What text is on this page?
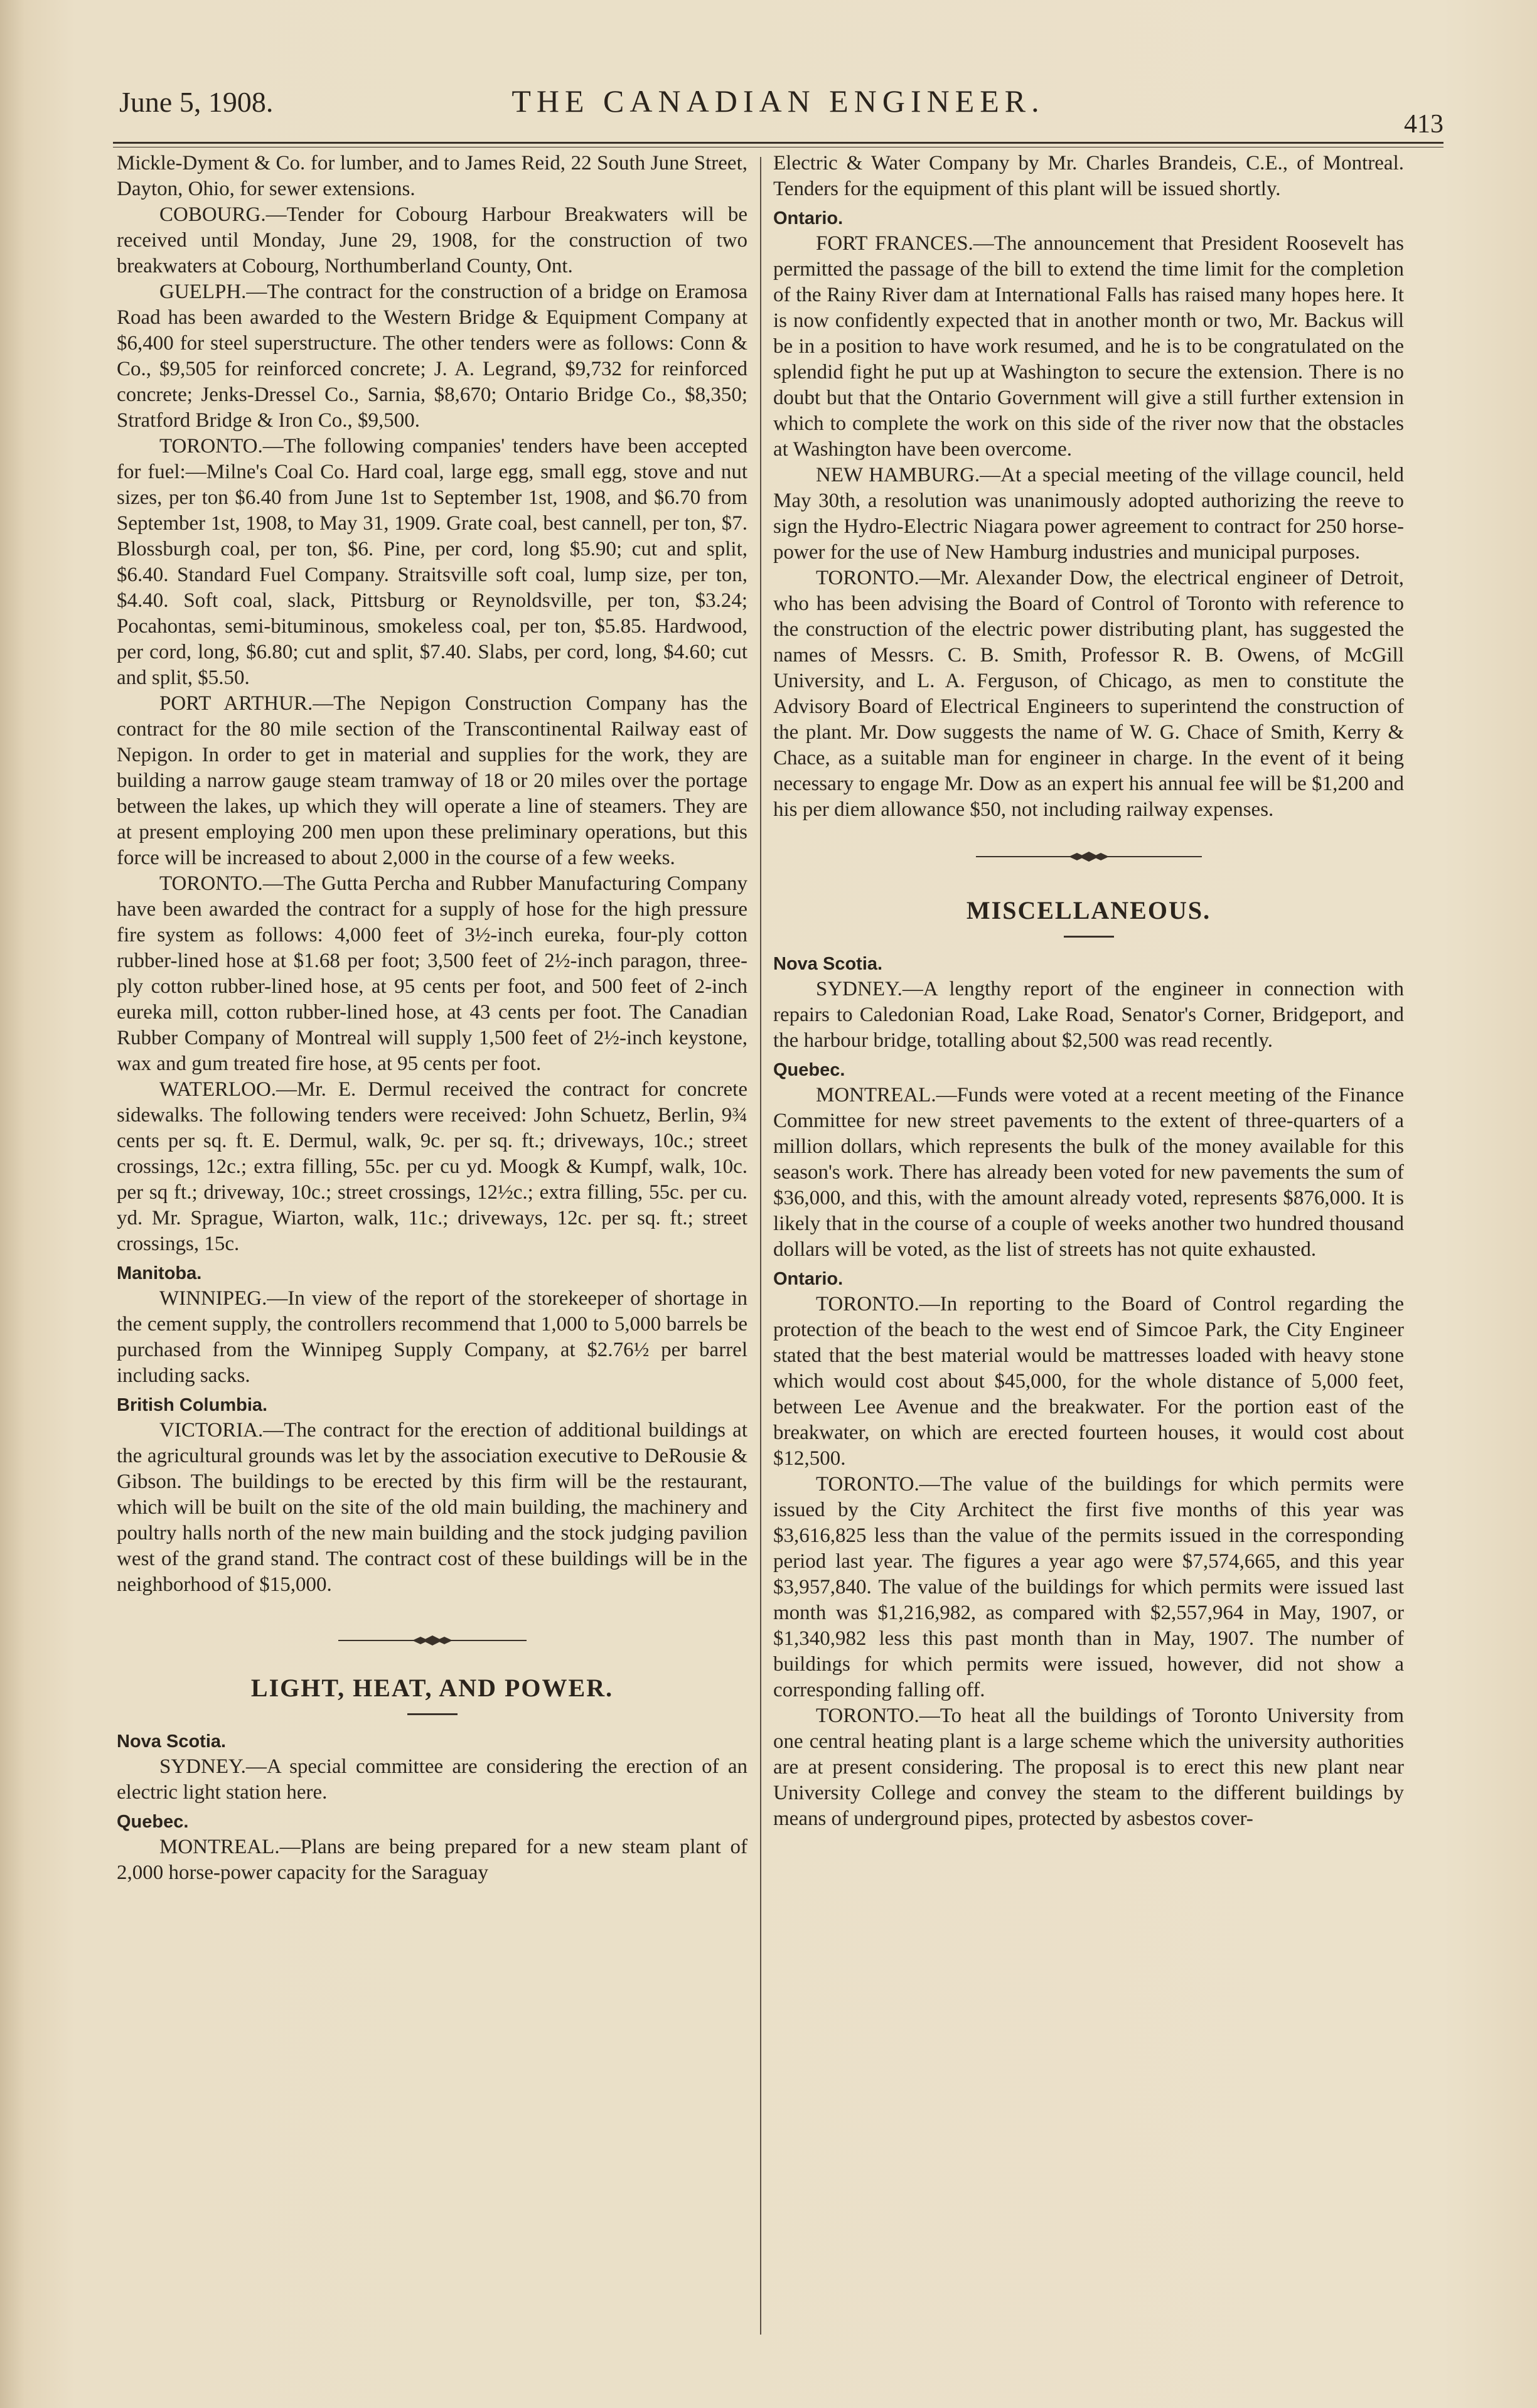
June 5, 1908.	THE CANADIAN ENGINEER.
413

Mickle-Dyment & Co. for lumber, and to James Reid, 22 South June Street, Dayton, Ohio, for sewer extensions.

COBOURG.—Tender for Cobourg Harbour Breakwaters will be received until Monday, June 29, 1908, for the construction of two breakwaters at Cobourg, Northumberland County, Ont.

GUELPH.—The contract for the construction of a bridge on Eramosa Road has been awarded to the Western Bridge & Equipment Company at $6,400 for steel superstructure. The other tenders were as follows: Conn & Co., $9,505 for reinforced concrete; J. A. Legrand, $9,732 for reinforced concrete; Jenks-Dressel Co., Sarnia, $8,670; Ontario Bridge Co., $8,350; Stratford Bridge & Iron Co., $9,500.

TORONTO.—The following companies' tenders have been accepted for fuel:—Milne's Coal Co. Hard coal, large egg, small egg, stove and nut sizes, per ton $6.40 from June 1st to September 1st, 1908, and $6.70 from September 1st, 1908, to May 31, 1909. Grate coal, best cannell, per ton, $7. Blossburgh coal, per ton, $6. Pine, per cord, long $5.90; cut and split, $6.40. Standard Fuel Company. Straitsville soft coal, lump size, per ton, $4.40. Soft coal, slack, Pittsburg or Reynoldsville, per ton, $3.24; Pocahontas, semi-bituminous, smokeless coal, per ton, $5.85. Hardwood, per cord, long, $6.80; cut and split, $7.40. Slabs, per cord, long, $4.60; cut and split, $5.50.

PORT ARTHUR.—The Nepigon Construction Company has the contract for the 80 mile section of the Transcontinental Railway east of Nepigon. In order to get in material and supplies for the work, they are building a narrow gauge steam tramway of 18 or 20 miles over the portage between the lakes, up which they will operate a line of steamers. They are at present employing 200 men upon these preliminary operations, but this force will be increased to about 2,000 in the course of a few weeks.

TORONTO.—The Gutta Percha and Rubber Manufacturing Company have been awarded the contract for a supply of hose for the high pressure fire system as follows: 4,000 feet of 3½-inch eureka, four-ply cotton rubber-lined hose at $1.68 per foot; 3,500 feet of 2½-inch paragon, three-ply cotton rubber-lined hose, at 95 cents per foot, and 500 feet of 2-inch eureka mill, cotton rubber-lined hose, at 43 cents per foot. The Canadian Rubber Company of Montreal will supply 1,500 feet of 2½-inch keystone, wax and gum treated fire hose, at 95 cents per foot.

WATERLOO.—Mr. E. Dermul received the contract for concrete sidewalks. The following tenders were received: John Schuetz, Berlin, 9¾ cents per sq. ft. E. Dermul, walk, 9c. per sq. ft.; driveways, 10c.; street crossings, 12c.; extra filling, 55c. per cu yd. Moogk & Kumpf, walk, 10c. per sq ft.; driveway, 10c.; street crossings, 12½c.; extra filling, 55c. per cu. yd. Mr. Sprague, Wiarton, walk, 11c.; driveways, 12c. per sq. ft.; street crossings, 15c.

Manitoba.

WINNIPEG.—In view of the report of the storekeeper of shortage in the cement supply, the controllers recommend that 1,000 to 5,000 barrels be purchased from the Winnipeg Supply Company, at $2.76½ per barrel including sacks.

British Columbia.

VICTORIA.—The contract for the erection of additional buildings at the agricultural grounds was let by the association executive to DeRousie & Gibson. The buildings to be erected by this firm will be the restaurant, which will be built on the site of the old main building, the machinery and poultry halls north of the new main building and the stock judging pavilion west of the grand stand. The contract cost of these buildings will be in the neighborhood of $15,000.

LIGHT, HEAT, AND POWER.
Nova Scotia.

SYDNEY.—A special committee are considering the erection of an electric light station here.

Quebec.

MONTREAL.—Plans are being prepared for a new steam plant of 2,000 horse-power capacity for the Saraguay

Electric & Water Company by Mr. Charles Brandeis, C.E., of Montreal. Tenders for the equipment of this plant will be issued shortly.

Ontario.

FORT FRANCES.—The announcement that President Roosevelt has permitted the passage of the bill to extend the time limit for the completion of the Rainy River dam at International Falls has raised many hopes here. It is now confidently expected that in another month or two, Mr. Backus will be in a position to have work resumed, and he is to be congratulated on the splendid fight he put up at Washington to secure the extension. There is no doubt but that the Ontario Government will give a still further extension in which to complete the work on this side of the river now that the obstacles at Washington have been overcome.

NEW HAMBURG.—At a special meeting of the village council, held May 30th, a resolution was unanimously adopted authorizing the reeve to sign the Hydro-Electric Niagara power agreement to contract for 250 horse-power for the use of New Hamburg industries and municipal purposes.

TORONTO.—Mr. Alexander Dow, the electrical engineer of Detroit, who has been advising the Board of Control of Toronto with reference to the construction of the electric power distributing plant, has suggested the names of Messrs. C. B. Smith, Professor R. B. Owens, of McGill University, and L. A. Ferguson, of Chicago, as men to constitute the Advisory Board of Electrical Engineers to superintend the construction of the plant. Mr. Dow suggests the name of W. G. Chace of Smith, Kerry & Chace, as a suitable man for engineer in charge. In the event of it being necessary to engage Mr. Dow as an expert his annual fee will be $1,200 and his per diem allowance $50, not including railway expenses.

MISCELLANEOUS.
Nova Scotia.

SYDNEY.—A lengthy report of the engineer in connection with repairs to Caledonian Road, Lake Road, Senator's Corner, Bridgeport, and the harbour bridge, totalling about $2,500 was read recently.

Quebec.

MONTREAL.—Funds were voted at a recent meeting of the Finance Committee for new street pavements to the extent of three-quarters of a million dollars, which represents the bulk of the money available for this season's work. There has already been voted for new pavements the sum of $36,000, and this, with the amount already voted, represents $876,000. It is likely that in the course of a couple of weeks another two hundred thousand dollars will be voted, as the list of streets has not quite exhausted.

Ontario.

TORONTO.—In reporting to the Board of Control regarding the protection of the beach to the west end of Simcoe Park, the City Engineer stated that the best material would be mattresses loaded with heavy stone which would cost about $45,000, for the whole distance of 5,000 feet, between Lee Avenue and the breakwater. For the portion east of the breakwater, on which are erected fourteen houses, it would cost about $12,500.

TORONTO.—The value of the buildings for which permits were issued by the City Architect the first five months of this year was $3,616,825 less than the value of the permits issued in the corresponding period last year. The figures a year ago were $7,574,665, and this year $3,957,840. The value of the buildings for which permits were issued last month was $1,216,982, as compared with $2,557,964 in May, 1907, or $1,340,982 less this past month than in May, 1907. The number of buildings for which permits were issued, however, did not show a corresponding falling off.

TORONTO.—To heat all the buildings of Toronto University from one central heating plant is a large scheme which the university authorities are at present considering. The proposal is to erect this new plant near University College and convey the steam to the different buildings by means of underground pipes, protected by asbestos cover-
